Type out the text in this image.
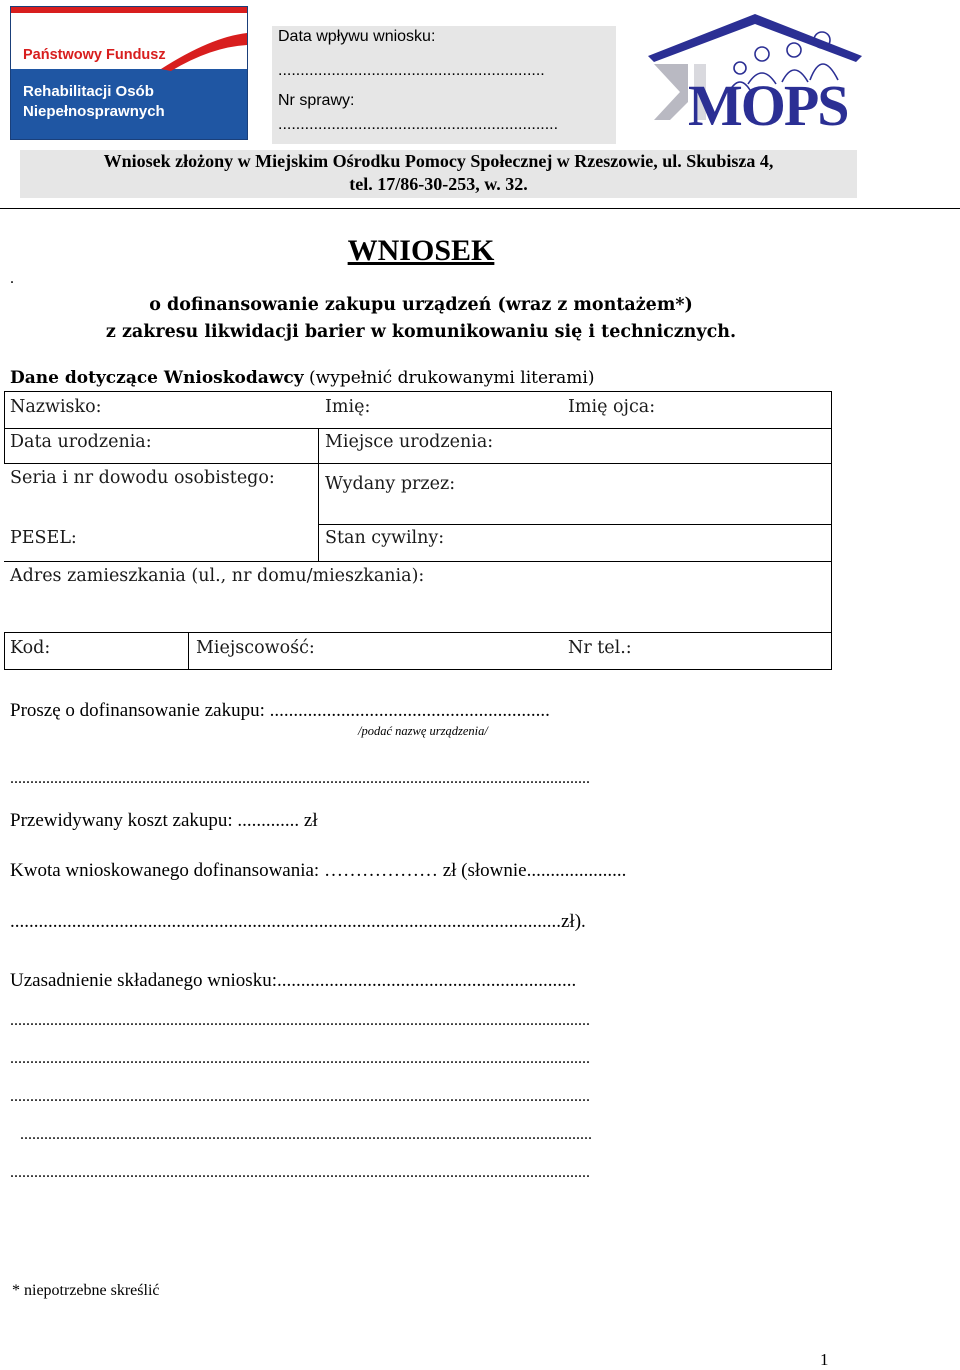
Państwowy Fundusz
Rehabilitacji Osób
Niepełnosprawnych
Data wpływu wniosku:
............................................................
Nr sprawy:
............................................................... MOPS
Wniosek złożony w Miejskim Ośrodku Pomocy Społecznej w Rzeszowie, ul. Skubisza 4,
tel. 17/86-30-253, w. 32.
.
WNIOSEK
o dofinansowanie zakupu urządzeń (wraz z montażem*)
z zakresu likwidacji barier w komunikowaniu się i technicznych.
Dane dotyczące Wnioskodawcy (wypełnić drukowanymi literami)
Nazwisko:	Imię:	Imię ojca:
Data urodzenia:	Miejsce urodzenia:
Seria i nr dowodu osobistego:	Wydany przez:
PESEL:	Stan cywilny:
Adres zamieszkania (ul., nr domu/mieszkania):
Kod:	Miejscowość:	Nr tel.:
Proszę o dofinansowanie zakupu: ...........................................................
/podać nazwę urządzenia/
.................................................................................................................................................
Przewidywany koszt zakupu: ............. zł
Kwota wnioskowanego dofinansowania: ……………… zł (słownie.....................
....................................................................................................................zł).
Uzasadnienie składanego wniosku:...............................................................
.................................................................................................................................................
.................................................................................................................................................
.................................................................................................................................................
...............................................................................................................................................
.................................................................................................................................................
* niepotrzebne skreślić
1
